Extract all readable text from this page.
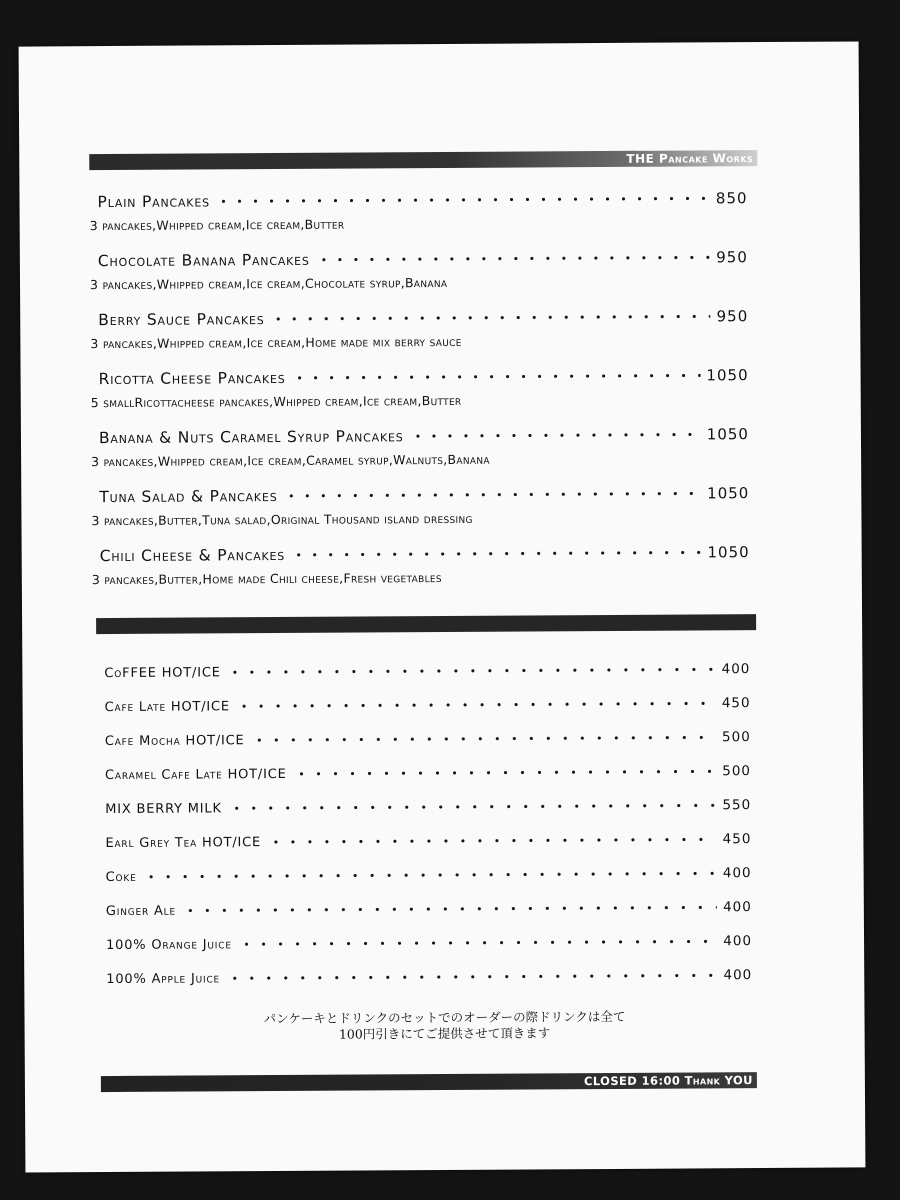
THE Pancake Works
Plain Pancakes	850
3 pancakes,Whipped cream,Ice cream,Butter
Chocolate Banana Pancakes	950
3 pancakes,Whipped cream,Ice cream,Chocolate syrup,Banana
Berry Sauce Pancakes	950
3 pancakes,Whipped cream,Ice cream,Home made mix berry sauce
Ricotta Cheese Pancakes	1050
5 smallRicottacheese pancakes,Whipped cream,Ice cream,Butter
Banana & Nuts Caramel Syrup Pancakes	1050
3 pancakes,Whipped cream,Ice cream,Caramel syrup,Walnuts,Banana
Tuna Salad & Pancakes	1050
3 pancakes,Butter,Tuna salad,Original Thousand island dressing
Chili Cheese & Pancakes	1050
3 pancakes,Butter,Home made Chili cheese,Fresh vegetables
CoFFEE HOT/ICE	400
Cafe Late HOT/ICE	450
Cafe Mocha HOT/ICE	500
Caramel Cafe Late HOT/ICE	500
MIX BERRY MILK	550
Earl Grey Tea HOT/ICE	450
Coke	400
Ginger Ale	400
100% Orange Juice	400
100% Apple Juice	400
パンケーキとドリンクのセットでのオーダーの際ドリンクは全て
100円引きにてご提供させて頂きます
CLOSED 16:00 Thank YOU
